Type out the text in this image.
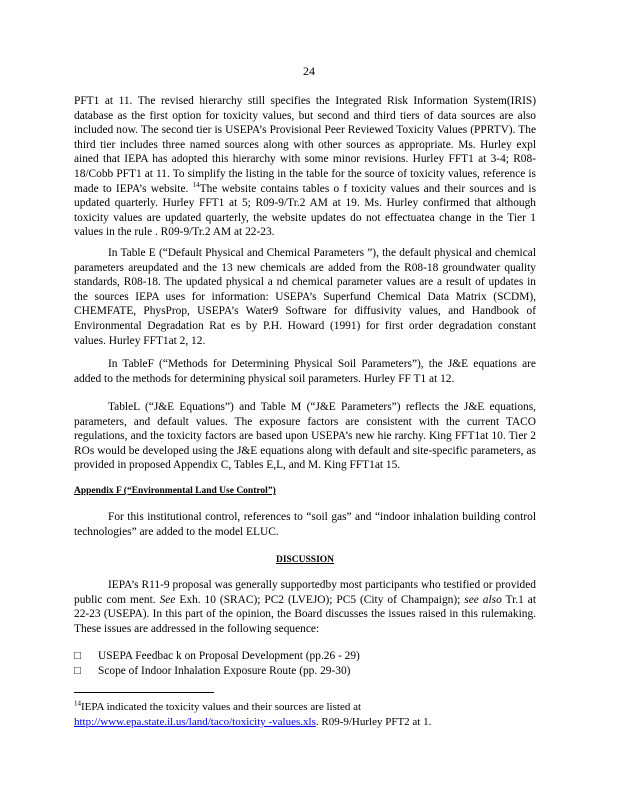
24

PFT1 at 11. The revised hierarchy still specifies the Integrated Risk Information System(IRIS) database as the first option for toxicity values, but second and third tiers of data sources are also included now. The second tier is USEPA’s Provisional Peer Reviewed Toxicity Values (PPRTV). The third tier includes three named sources along with other sources as appropriate. Ms. Hurley expl ained that IEPA has adopted this hierarchy with some minor revisions. Hurley FFT1 at 3-4; R08-18/Cobb PFT1 at 11. To simplify the listing in the table for the source of toxicity values, reference is made to IEPA’s website. $^{14}$The website contains tables o f toxicity values and their sources and is updated quarterly. Hurley FFT1 at 5; R09-9/Tr.2 AM at 19. Ms. Hurley confirmed that although toxicity values are updated quarterly, the website updates do not effectuatea change in the Tier 1 values in the rule . R09-9/Tr.2 AM at 22-23.

In Table E (“Default Physical and Chemical Parameters ”), the default physical and chemical parameters areupdated and the 13 new chemicals are added from the R08-18 groundwater quality standards, R08-18. The updated physical a nd chemical parameter values are a result of updates in the sources IEPA uses for information: USEPA’s Superfund Chemical Data Matrix (SCDM), CHEMFATE, PhysProp, USEPA’s Water9 Software for diffusivity values, and Handbook of Environmental Degradation Rat es by P.H. Howard (1991) for first order degradation constant values. Hurley FFT1at 2, 12.

In TableF (“Methods for Determining Physical Soil Parameters”), the J&E equations are added to the methods for determining physical soil parameters. Hurley FF T1 at 12.

TableL (“J&E Equations”) and Table M (“J&E Parameters”) reflects the J&E equations, parameters, and default values. The exposure factors are consistent with the current TACO regulations, and the toxicity factors are based upon USEPA’s new hie rarchy. King FFT1at 10. Tier 2 ROs would be developed using the J&E equations along with default and site-specific parameters, as provided in proposed Appendix C, Tables E,L, and M. King FFT1at 15.

Appendix F (“Environmental Land Use Control”)

For this institutional control, references to “soil gas” and “indoor inhalation building control technologies” are added to the model ELUC.

DISCUSSION

IEPA’s R11-9 proposal was generally supportedby most participants who testified or provided public com ment. See Exh. 10 (SRAC); PC2 (LVEJO); PC5 (City of Champaign); see also Tr.1 at 22-23 (USEPA). In this part of the opinion, the Board discusses the issues raised in this rulemaking. These issues are addressed in the following sequence:

□ USEPA Feedbac k on Proposal Development (pp.26 - 29)
□ Scope of Indoor Inhalation Exposure Route (pp. 29-30)

$^{14}$IEPA indicated the toxicity values and their sources are listed at
http://www.epa.state.il.us/land/taco/toxicity -values.xls. R09-9/Hurley PFT2 at 1.
